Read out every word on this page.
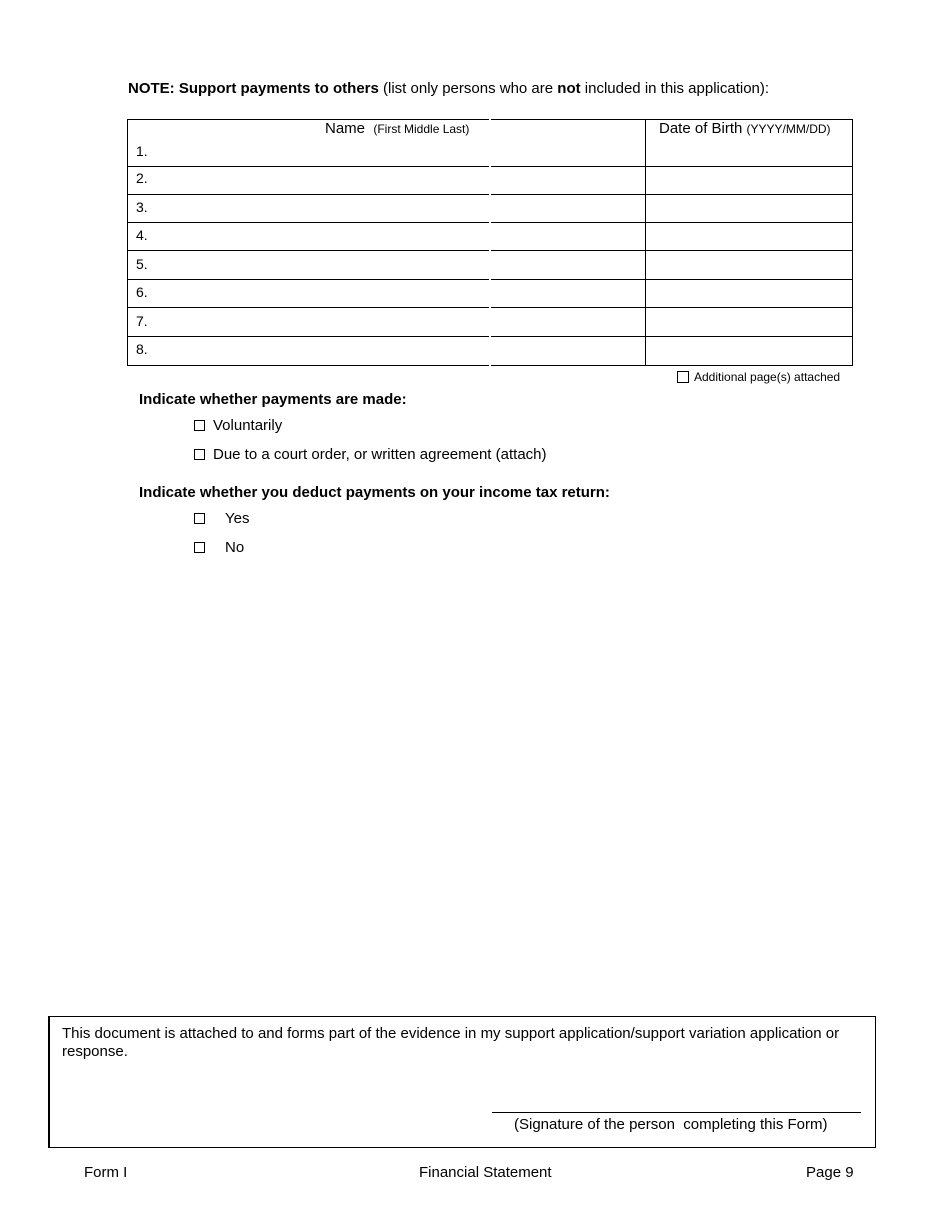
NOTE: Support payments to others (list only persons who are not included in this application):
Name (First Middle Last)	Date of Birth (YYYY/MM/DD)
1.
2.
3.
4.
5.
6.
7.
8.
Additional page(s) attached
Indicate whether payments are made:
Voluntarily
Due to a court order, or written agreement (attach)
Indicate whether you deduct payments on your income tax return:
Yes
No
This document is attached to and forms part of the evidence in my support application/support variation application or response.
(Signature of the person  completing this Form)
Form I	Financial Statement	Page 9
